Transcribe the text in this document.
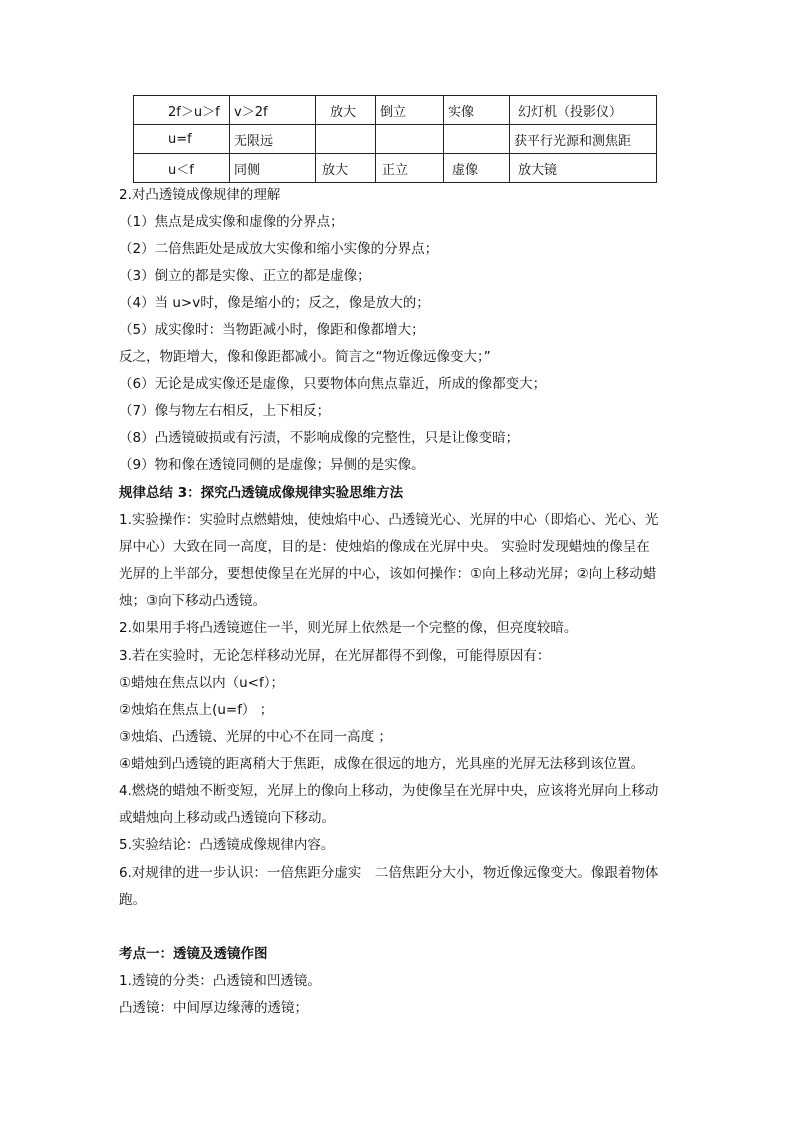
2f＞u＞f	v＞2f	放大	倒立	实像	幻灯机（投影仪）
u=f	无限远				获平行光源和测焦距
u＜f	同侧	放大	正立	虚像	放大镜
2.对凸透镜成像规律的理解
（1）焦点是成实像和虚像的分界点；
（2）二倍焦距处是成放大实像和缩小实像的分界点；
（3）倒立的都是实像、正立的都是虚像；
（4）当 u>v时，像是缩小的；反之，像是放大的；
（5）成实像时：当物距减小时，像距和像都增大；
反之，物距增大，像和像距都减小。简言之“物近像远像变大；”
（6）无论是成实像还是虚像，只要物体向焦点靠近，所成的像都变大；
（7）像与物左右相反，上下相反；
（8）凸透镜破损或有污渍，不影响成像的完整性，只是让像变暗；
（9）物和像在透镜同侧的是虚像；异侧的是实像。
规律总结 3：探究凸透镜成像规律实验思维方法
1.实验操作：实验时点燃蜡烛，使烛焰中心、凸透镜光心、光屏的中心（即焰心、光心、光
屏中心）大致在同一高度，目的是：使烛焰的像成在光屏中央。 实验时发现蜡烛的像呈在
光屏的上半部分，要想使像呈在光屏的中心，该如何操作：①向上移动光屏；②向上移动蜡
烛；③向下移动凸透镜。
2.如果用手将凸透镜遮住一半，则光屏上依然是一个完整的像，但亮度较暗。
3.若在实验时，无论怎样移动光屏，在光屏都得不到像，可能得原因有：
①蜡烛在焦点以内（u<f）；
②烛焰在焦点上(u=f） ；
③烛焰、凸透镜、光屏的中心不在同一高度 ；
④蜡烛到凸透镜的距离稍大于焦距，成像在很远的地方，光具座的光屏无法移到该位置。
4.燃烧的蜡烛不断变短，光屏上的像向上移动，为使像呈在光屏中央，应该将光屏向上移动
或蜡烛向上移动或凸透镜向下移动。
5.实验结论：凸透镜成像规律内容。
6.对规律的进一步认识：一倍焦距分虚实　二倍焦距分大小，物近像远像变大。像跟着物体
跑。
考点一：透镜及透镜作图
1.透镜的分类：凸透镜和凹透镜。
凸透镜：中间厚边缘薄的透镜；
